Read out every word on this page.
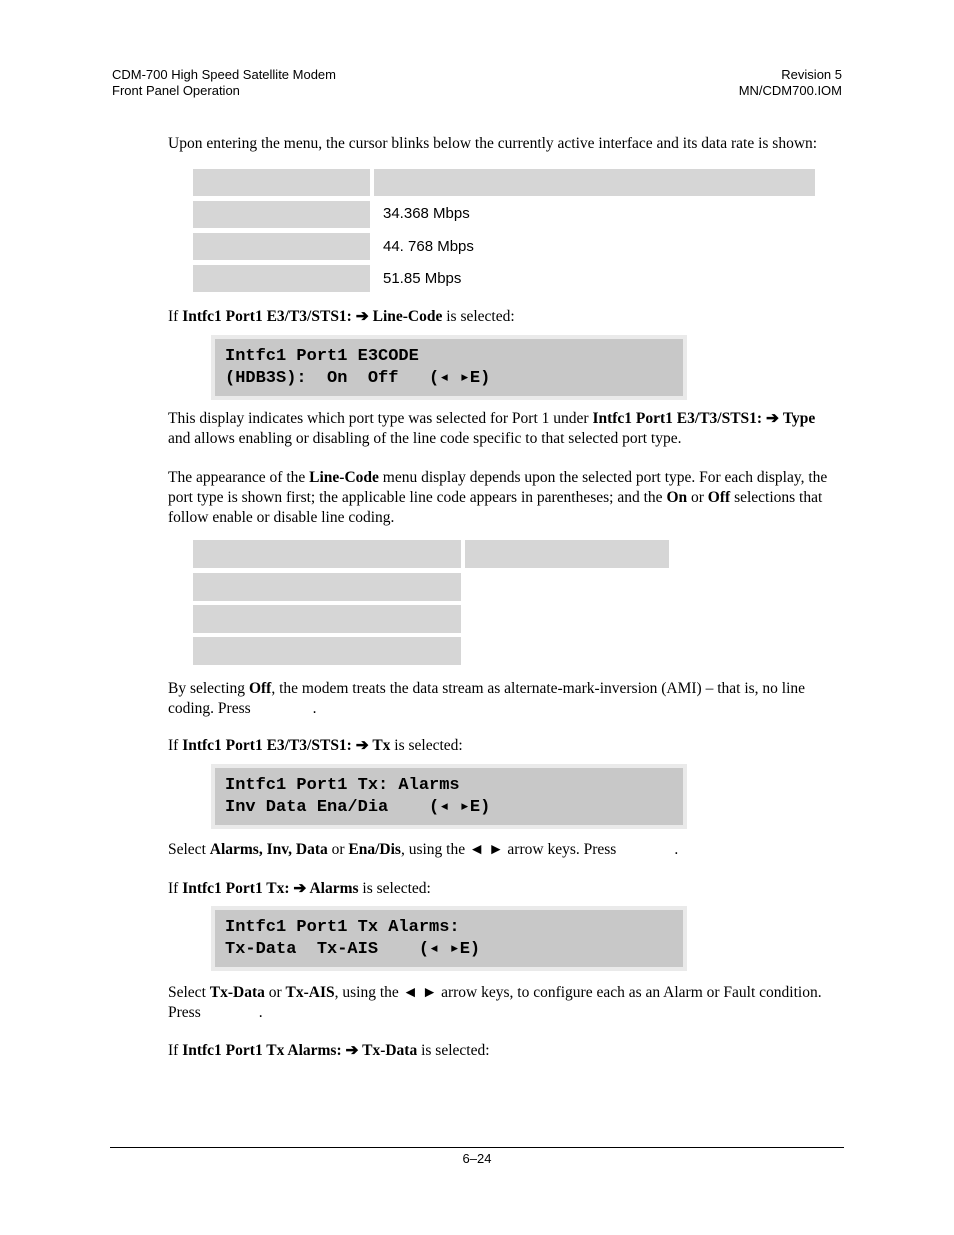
CDM-700 High Speed Satellite Modem
Front Panel Operation
Revision 5
MN/CDM700.IOM
Upon entering the menu, the cursor blinks below the currently active interface and its data rate is shown:
34.368 Mbps
44. 768 Mbps
51.85 Mbps
If Intfc1 Port1 E3/T3/STS1: ➔ Line-Code is selected:
Intfc1 Port1 E3CODE
(HDB3S):  On  Off   (◂ ▸E)
This display indicates which port type was selected for Port 1 under Intfc1 Port1 E3/T3/STS1: ➔ Type and allows enabling or disabling of the line code specific to that selected port type.
The appearance of the Line-Code menu display depends upon the selected port type. For each display, the port type is shown first; the applicable line code appears in parentheses; and the On or Off selections that follow enable or disable line coding.
By selecting Off, the modem treats the data stream as alternate-mark-inversion (AMI) – that is, no line coding. Press	.
If Intfc1 Port1 E3/T3/STS1: ➔ Tx is selected:
Intfc1 Port1 Tx: Alarms
Inv Data Ena/Dia    (◂ ▸E)
Select Alarms, Inv, Data or Ena/Dis, using the ◄ ► arrow keys. Press	.
If Intfc1 Port1 Tx: ➔ Alarms is selected:
Intfc1 Port1 Tx Alarms:
Tx-Data  Tx-AIS    (◂ ▸E)
Select Tx-Data or Tx-AIS, using the ◄ ► arrow keys, to configure each as an Alarm or Fault condition. Press	.
If Intfc1 Port1 Tx Alarms: ➔ Tx-Data is selected:
6–24
